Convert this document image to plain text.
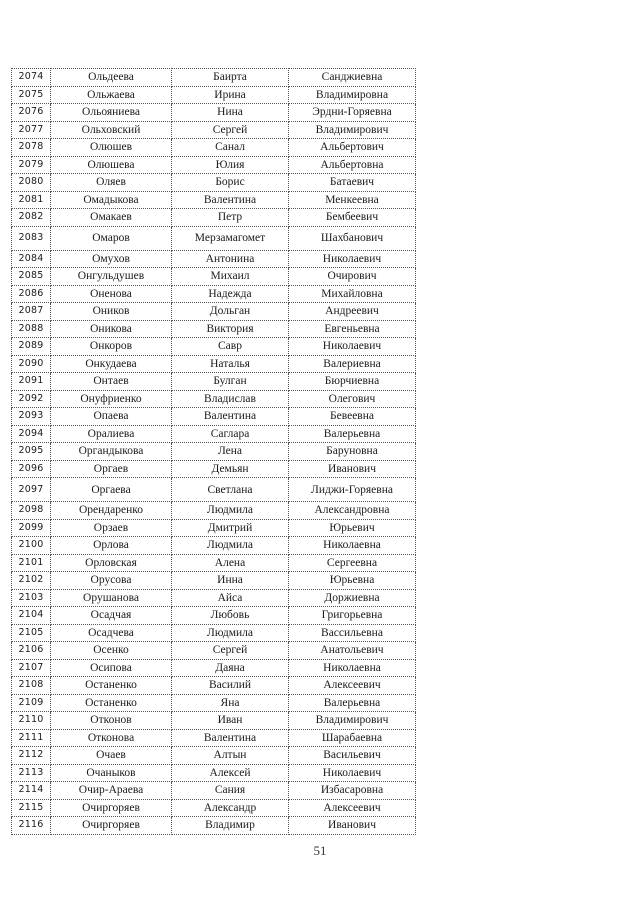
2074	Ольдеева	Баирта	Санджиевна
2075	Ольжаева	Ирина	Владимировна
2076	Ольояниева	Нина	Эрдни-Горяевна
2077	Ольховский	Сергей	Владимирович
2078	Олюшев	Санал	Альбертович
2079	Олюшева	Юлия	Альбертовна
2080	Оляев	Борис	Батаевич
2081	Омадыкова	Валентина	Менкеевна
2082	Омакаев	Петр	Бембеевич
2083	Омаров	Мерзамагомет	Шахбанович
2084	Омухов	Антонина	Николаевич
2085	Онгульдушев	Михаил	Очирович
2086	Оненова	Надежда	Михайловна
2087	Оников	Дольган	Андреевич
2088	Оникова	Виктория	Евгеньевна
2089	Онкоров	Савр	Николаевич
2090	Онкудаева	Наталья	Валериевна
2091	Онтаев	Булган	Бюрчиевна
2092	Онуфриенко	Владислав	Олегович
2093	Опаева	Валентина	Бевеевна
2094	Оралиева	Саглара	Валерьевна
2095	Органдыкова	Лена	Баруновна
2096	Оргаев	Демьян	Иванович
2097	Оргаева	Светлана	Лиджи-Горяевна
2098	Орендаренко	Людмила	Александровна
2099	Орзаев	Дмитрий	Юрьевич
2100	Орлова	Людмила	Николаевна
2101	Орловская	Алена	Сергеевна
2102	Орусова	Инна	Юрьевна
2103	Орушанова	Айса	Доржиевна
2104	Осадчая	Любовь	Григорьевна
2105	Осадчева	Людмила	Вассильевна
2106	Осенко	Сергей	Анатольевич
2107	Осипова	Даяна	Николаевна
2108	Останенко	Василий	Алексеевич
2109	Останенко	Яна	Валерьевна
2110	Отконов	Иван	Владимирович
2111	Отконова	Валентина	Шарабаевна
2112	Очаев	Алтын	Васильевич
2113	Очаныков	Алексей	Николаевич
2114	Очир-Араева	Сания	Избасаровна
2115	Очиргоряев	Александр	Алексеевич
2116	Очиргоряев	Владимир	Иванович
51
